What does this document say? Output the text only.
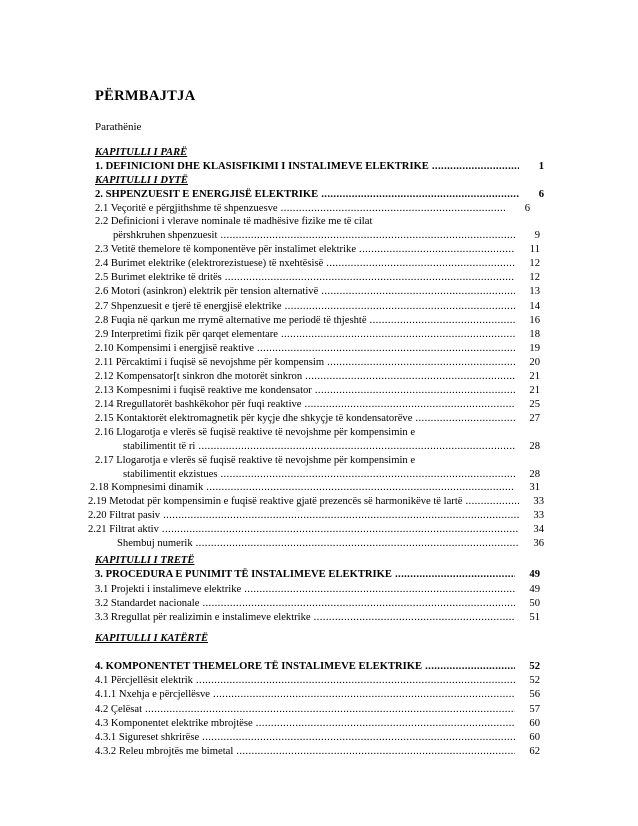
PËRMBAJTJA
Parathënie
KAPITULLI I PARË
1. DEFINICIONI DHE KLASISFIKIMI I INSTALIMEVE ELEKTRIKE .....	1
KAPITULLI I DYTË
2. SHPENZUESIT E ENERGJISË ELEKTRIKE .....	6
2.1 Veçoritë e përgjithshme të shpenzuesve .....	6
2.2 Definicioni i vlerave nominale të madhësive fizike me të cilat
përshkruhen shpenzuesit .....	9
2.3 Vetitë themelore të komponentëve për instalimet elektrike .....	11
2.4 Burimet elektrike (elektrorezistuese) të nxehtësisë .....	12
2.5 Burimet elektrike të dritës .....	12
2.6 Motori (asinkron) elektrik për tension alternativë .....	13
2.7 Shpenzuesit e tjerë të energjisë elektrike .....	14
2.8 Fuqia në qarkun me rrymë alternative me periodë të thjeshtë .....	16
2.9 Interpretimi fizik për qarqet elementare .....	18
2.10 Kompensimi i energjisë reaktive .....	19
2.11 Përcaktimi i fuqisë së nevojshme për kompensim .....	20
2.12 Kompensator[t sinkron dhe motorët sinkron .....	21
2.13 Kompesnimi i fuqisë reaktive me kondensator .....	21
2.14 Rregullatorët bashkëkohor për fuqi reaktive .....	25
2.15 Kontaktorët elektromagnetik për kyçje dhe shkyçje të kondensatorëve .....	27
2.16 Llogarotja e vlerës së fuqisë reaktive të nevojshme për kompensimin e
stabilimentit të ri .....	28
2.17 Llogarotja e vlerës së fuqisë reaktive të nevojshme për kompensimin e
stabilimentit ekzistues .....	28
2.18 Kompnesimi dinamik .....	31
2.19 Metodat për kompensimin e fuqisë reaktive gjatë prezencës së harmonikëve të lartë .....	33
2.20 Filtrat pasiv .....	33
2.21 Filtrat aktiv .....	34
Shembuj numerik .....	36
KAPITULLI I TRETË
3. PROCEDURA E PUNIMIT TË INSTALIMEVE ELEKTRIKE .....	49
3.1 Projekti i instalimeve elektrike .....	49
3.2 Standardet nacionale .....	50
3.3 Rregullat për realizimin e instalimeve elektrike .....	51
KAPITULLI I KATËRTË
4. KOMPONENTET THEMELORE TË INSTALIMEVE ELEKTRIKE .....	52
4.1 Përcjellësit elektrik .....	52
4.1.1 Nxehja e përcjellësve .....	56
4.2 Çelësat .....	57
4.3 Komponentet elektrike mbrojtëse .....	60
4.3.1 Sigureset shkrirëse .....	60
4.3.2 Releu mbrojtës me bimetal .....	62
